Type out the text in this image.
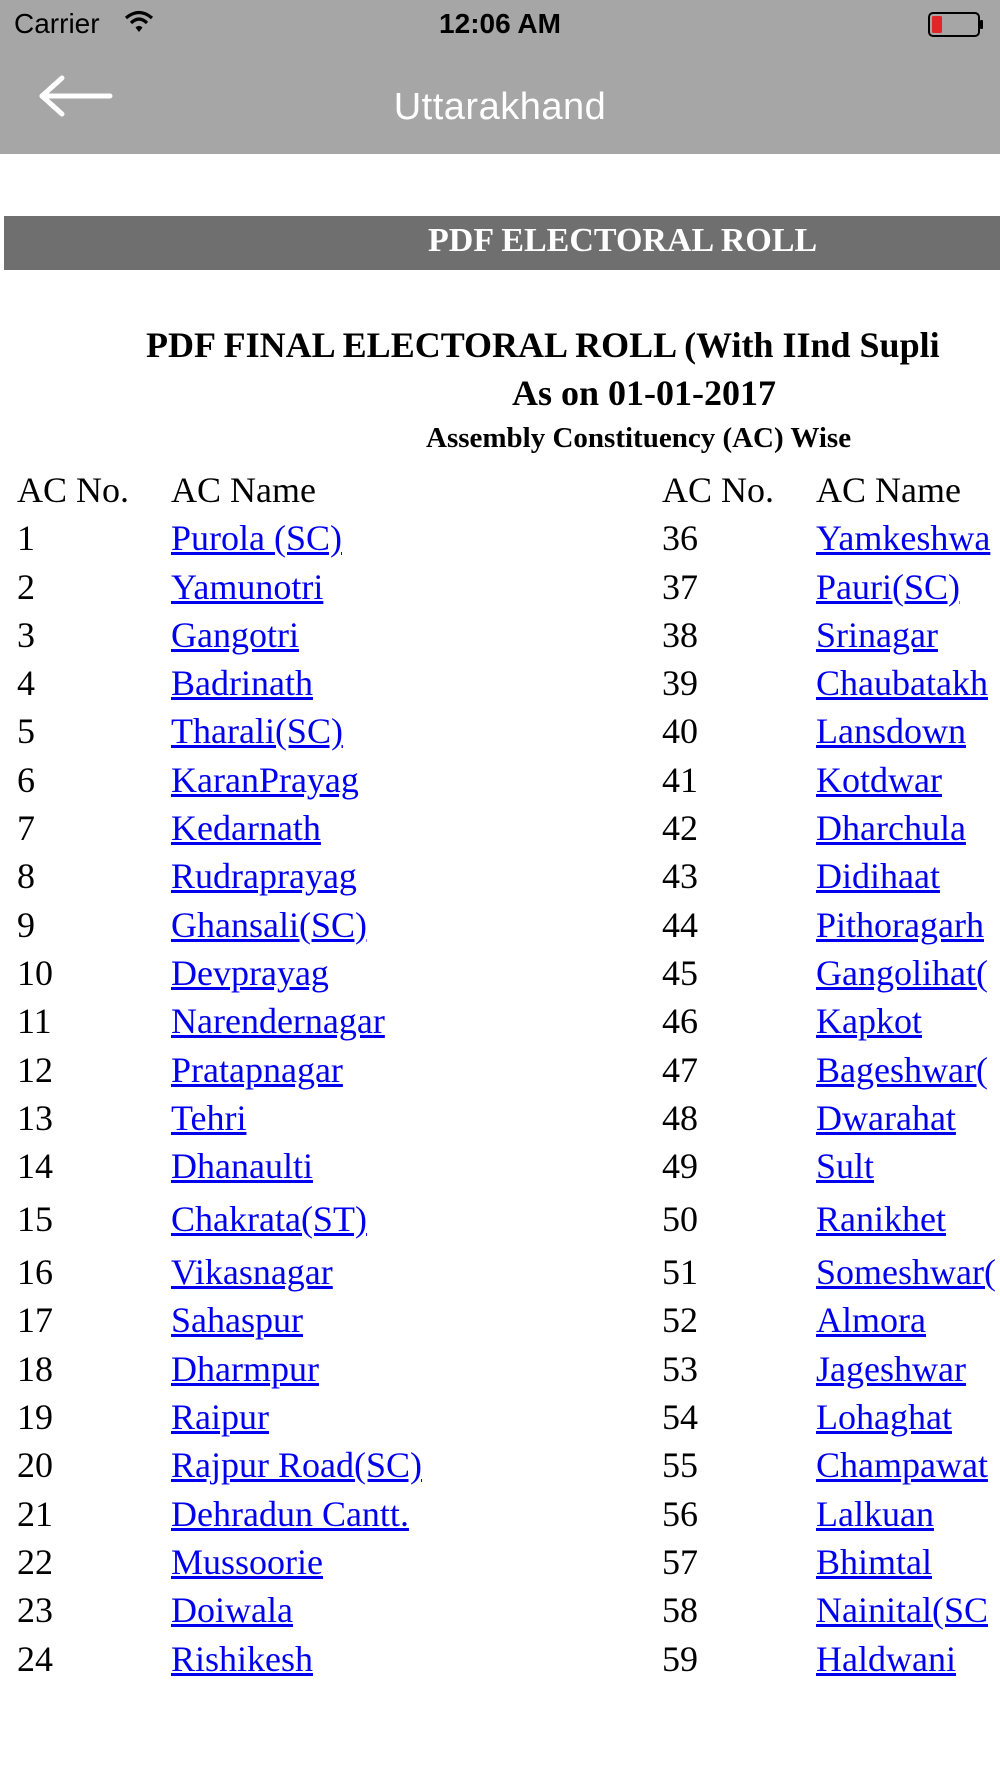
Carrier	12:06 AM
Uttarakhand
PDF ELECTORAL ROLL
PDF FINAL ELECTORAL ROLL (With IInd Supli
As on 01-01-2017
Assembly Constituency (AC) Wise
AC No. AC Name	AC No. AC Name
1	Purola (SC)	36	Yamkeshwa
2	Yamunotri	37	Pauri(SC)
3	Gangotri	38	Srinagar
4	Badrinath	39	Chaubatakh
5	Tharali(SC)	40	Lansdown
6	KaranPrayag	41	Kotdwar
7	Kedarnath	42	Dharchula
8	Rudraprayag	43	Didihaat
9	Ghansali(SC)	44	Pithoragarh
10	Devprayag	45	Gangolihat(
11	Narendernagar	46	Kapkot
12	Pratapnagar	47	Bageshwar(
13	Tehri	48	Dwarahat
14	Dhanaulti	49	Sult
15	Chakrata(ST)	50	Ranikhet
16	Vikasnagar	51	Someshwar(
17	Sahaspur	52	Almora
18	Dharmpur	53	Jageshwar
19	Raipur	54	Lohaghat
20	Rajpur Road(SC)	55	Champawat
21	Dehradun Cantt.	56	Lalkuan
22	Mussoorie	57	Bhimtal
23	Doiwala	58	Nainital(SC
24	Rishikesh	59	Haldwani
